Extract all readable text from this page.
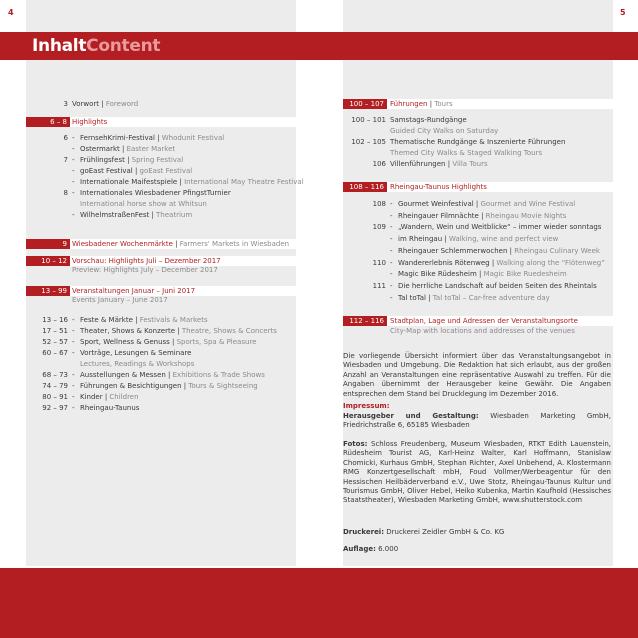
4	5
InhaltContent
3 Vorwort | Foreword
6 – 8 Highlights
6 - FernsehKrimi-Festival | Whodunit Festival
- Ostermarkt | Easter Market
7 - Frühlingsfest | Spring Festival
- goEast Festival | goEast Festival
- Internationale Maifestspiele | International May Theatre Festival
8 - Internationales Wiesbadener PfingstTurnier
International horse show at Whitsun
- WilhelmstraßenFest | Theatrium
9 Wiesbadener Wochenmärkte | Farmers' Markets in Wiesbaden
10 – 12 Vorschau: Highlights Juli – Dezember 2017
Preview: Highlights July – December 2017
13 – 99 Veranstaltungen Januar – Juni 2017
Events January – June 2017
13 – 16 - Feste & Märkte | Festivals & Markets
17 – 51 - Theater, Shows & Konzerte | Theatre, Shows & Concerts
52 – 57 - Sport, Wellness & Genuss | Sports, Spa & Pleasure
60 – 67 - Vorträge, Lesungen & Seminare
Lectures, Readings & Workshops
68 – 73 - Ausstellungen & Messen | Exhibitions & Trade Shows
74 – 79 - Führungen & Besichtigungen | Tours & Sightseeing
80 – 91 - Kinder | Children
92 – 97 - Rheingau-Taunus
100 – 107 Führungen | Tours
100 – 101 Samstags-Rundgänge
Guided City Walks on Saturday
102 – 105 Thematische Rundgänge & Inszenierte Führungen
Themed City Walks & Staged Walking Tours
106 Villenführungen | Villa Tours
108 – 116 Rheingau-Taunus Highlights
108 - Gourmet Weinfestival | Gourmet and Wine Festival
- Rheingauer Filmnächte | Rheingau Movie Nights
109 - „Wandern, Wein und Weitblicke“ – immer wieder sonntags
- im Rheingau | Walking, wine and perfect view
- Rheingauer Schlemmerwochen | Rheingau Culinary Week
110 - Wandererlebnis Rötenweg | Walking along the “Flötenweg”
- Magic Bike Rüdesheim | Magic Bike Ruedesheim
111 - Die herrliche Landschaft auf beiden Seiten des Rheintals
- Tal toTal | Tal toTal – Car-free adventure day
112 – 116 Stadtplan, Lage und Adressen der Veranstaltungsorte
City-Map with locations and addresses of the venues
Die vorliegende Übersicht informiert über das Veranstaltungsangebot in Wiesbaden und Umgebung. Die Redaktion hat sich erlaubt, aus der großen Anzahl an Veranstaltungen eine repräsentative Auswahl zu treffen. Für die Angaben übernimmt der Herausgeber keine Gewähr. Die Angaben entsprechen dem Stand bei Drucklegung im Dezember 2016.
Impressum:
Herausgeber und Gestaltung: Wiesbaden Marketing GmbH, Friedrichstraße 6, 65185 Wiesbaden
Fotos: Schloss Freudenberg, Museum Wiesbaden, RTKT Edith Lauenstein, Rüdesheim Tourist AG, Karl-Heinz Walter, Karl Hoffmann, Stanislaw Chomicki, Kurhaus GmbH, Stephan Richter, Axel Unbehend, A. Klostermann RMG Konzertgesellschaft mbH, Foud Vollmer/Werbeagentur für den Hessischen Heilbäderverband e.V., Uwe Stotz, Rheingau-Taunus Kultur und Tourismus GmbH, Oliver Hebel, Heiko Kubenka, Martin Kaufhold (Hessisches Staatstheater), Wiesbaden Marketing GmbH, www.shutterstock.com
Druckerei: Druckerei Zeidler GmbH & Co. KG
Auflage: 6.000
